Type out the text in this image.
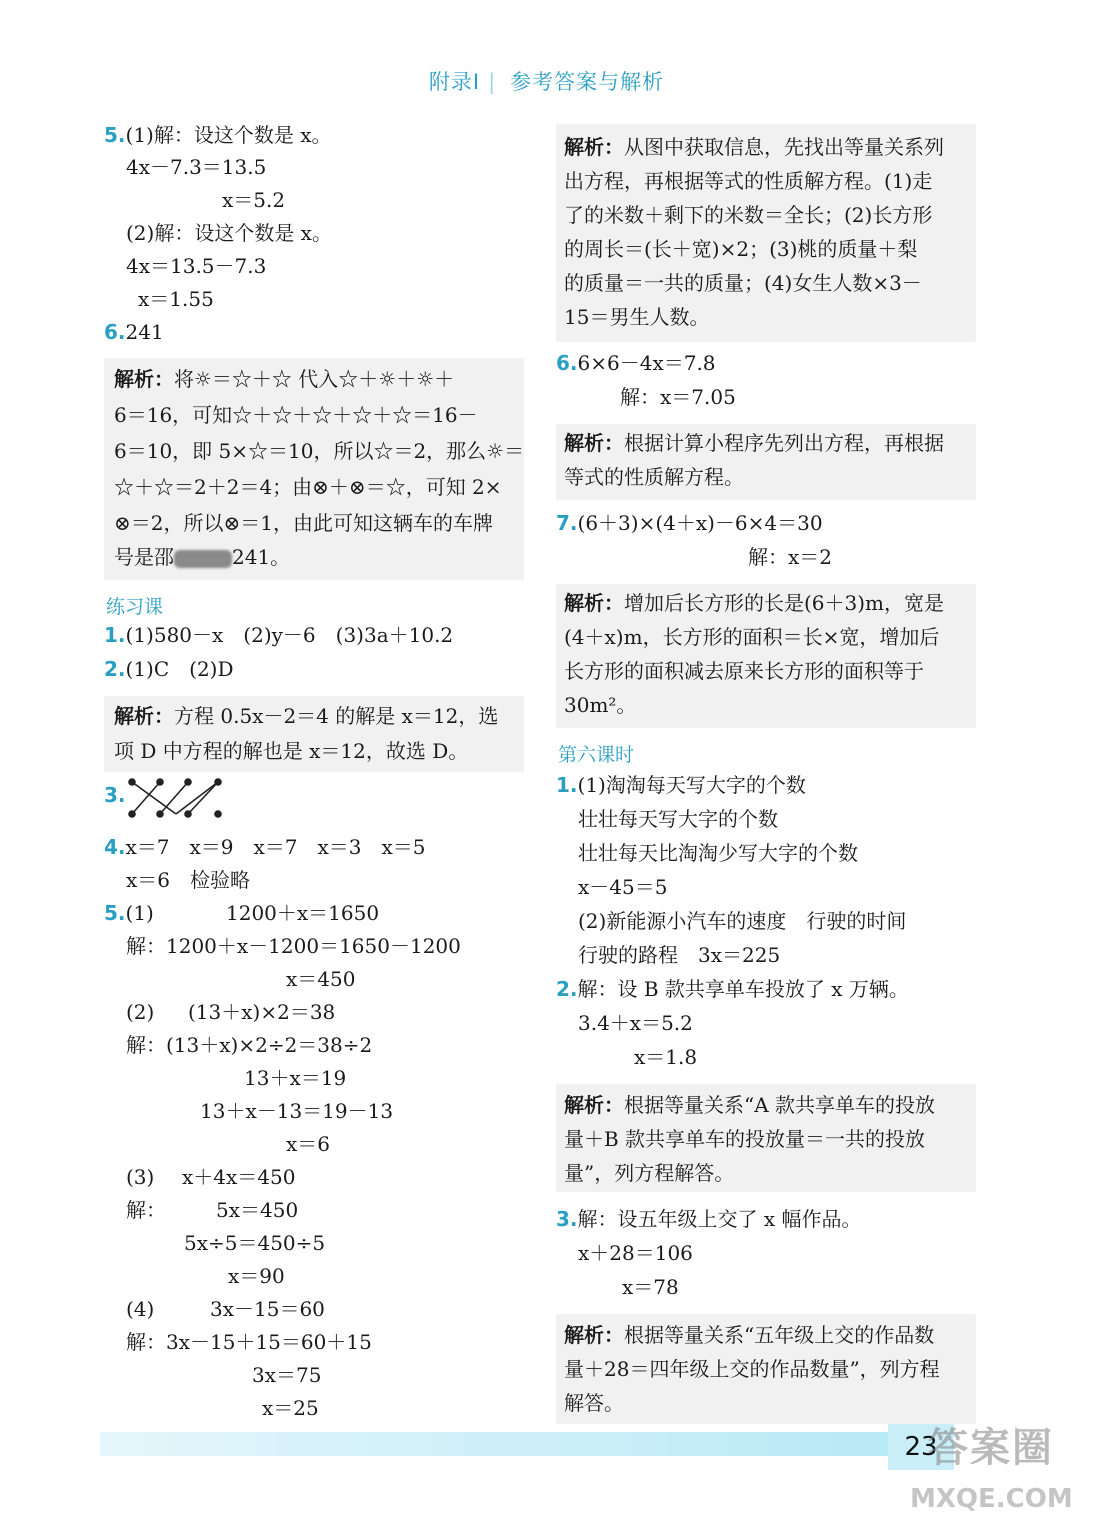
附录Ⅰ | 参考答案与解析
5.(1)解：设这个数是 x。
4x－7.3＝13.5
x＝5.2
(2)解：设这个数是 x。
4x＝13.5－7.3
x＝1.55
6.241
解析：将☼＝☆＋☆ 代入☆＋☼＋☼＋
6＝16，可知☆＋☆＋☆＋☆＋☆＝16－
6＝10，即 5×☆＝10，所以☆＝2，那么☼＝
☆＋☆＝2＋2＝4；由⊗＋⊗＝☆，可知 2×
⊗＝2，所以⊗＝1，由此可知这辆车的车牌
号是邵	241。
练习课
1.(1)580－x　(2)y－6　(3)3a＋10.2
2.(1)C　(2)D
解析：方程 0.5x－2＝4 的解是 x＝12，选
项 D 中方程的解也是 x＝12，故选 D。
3.
4.x＝7　x＝9　x＝7　x＝3　x＝5
x＝6　检验略
5.(1)	1200＋x＝1650
解：1200＋x－1200＝1650－1200
x＝450
(2) (13＋x)×2＝38
解：(13＋x)×2÷2＝38÷2
13＋x＝19
13＋x－13＝19－13
x＝6
(3) x＋4x＝450
解：	5x＝450
5x÷5＝450÷5
x＝90
(4)	3x－15＝60
解：3x－15＋15＝60＋15
3x＝75
x＝25
解析：从图中获取信息，先找出等量关系列
出方程，再根据等式的性质解方程。(1)走
了的米数＋剩下的米数＝全长；(2)长方形
的周长＝(长＋宽)×2；(3)桃的质量＋梨
的质量＝一共的质量；(4)女生人数×3－
15＝男生人数。
6.6×6－4x＝7.8
解：x＝7.05
解析：根据计算小程序先列出方程，再根据
等式的性质解方程。
7.(6＋3)×(4＋x)－6×4＝30
解：x＝2
解析：增加后长方形的长是(6＋3)m，宽是
(4＋x)m，长方形的面积＝长×宽，增加后
长方形的面积减去原来长方形的面积等于
30m²。
第六课时
1.(1)淘淘每天写大字的个数
壮壮每天写大字的个数
壮壮每天比淘淘少写大字的个数
x－45＝5
(2)新能源小汽车的速度　行驶的时间
行驶的路程　3x＝225
2.解：设 B 款共享单车投放了 x 万辆。
3.4＋x＝5.2
x＝1.8
解析：根据等量关系“A 款共享单车的投放
量＋B 款共享单车的投放量＝一共的投放
量”，列方程解答。
3.解：设五年级上交了 x 幅作品。
x＋28＝106
x＝78
解析：根据等量关系“五年级上交的作品数
量＋28＝四年级上交的作品数量”，列方程
解答。
23
答案圈
MXQE.COM
